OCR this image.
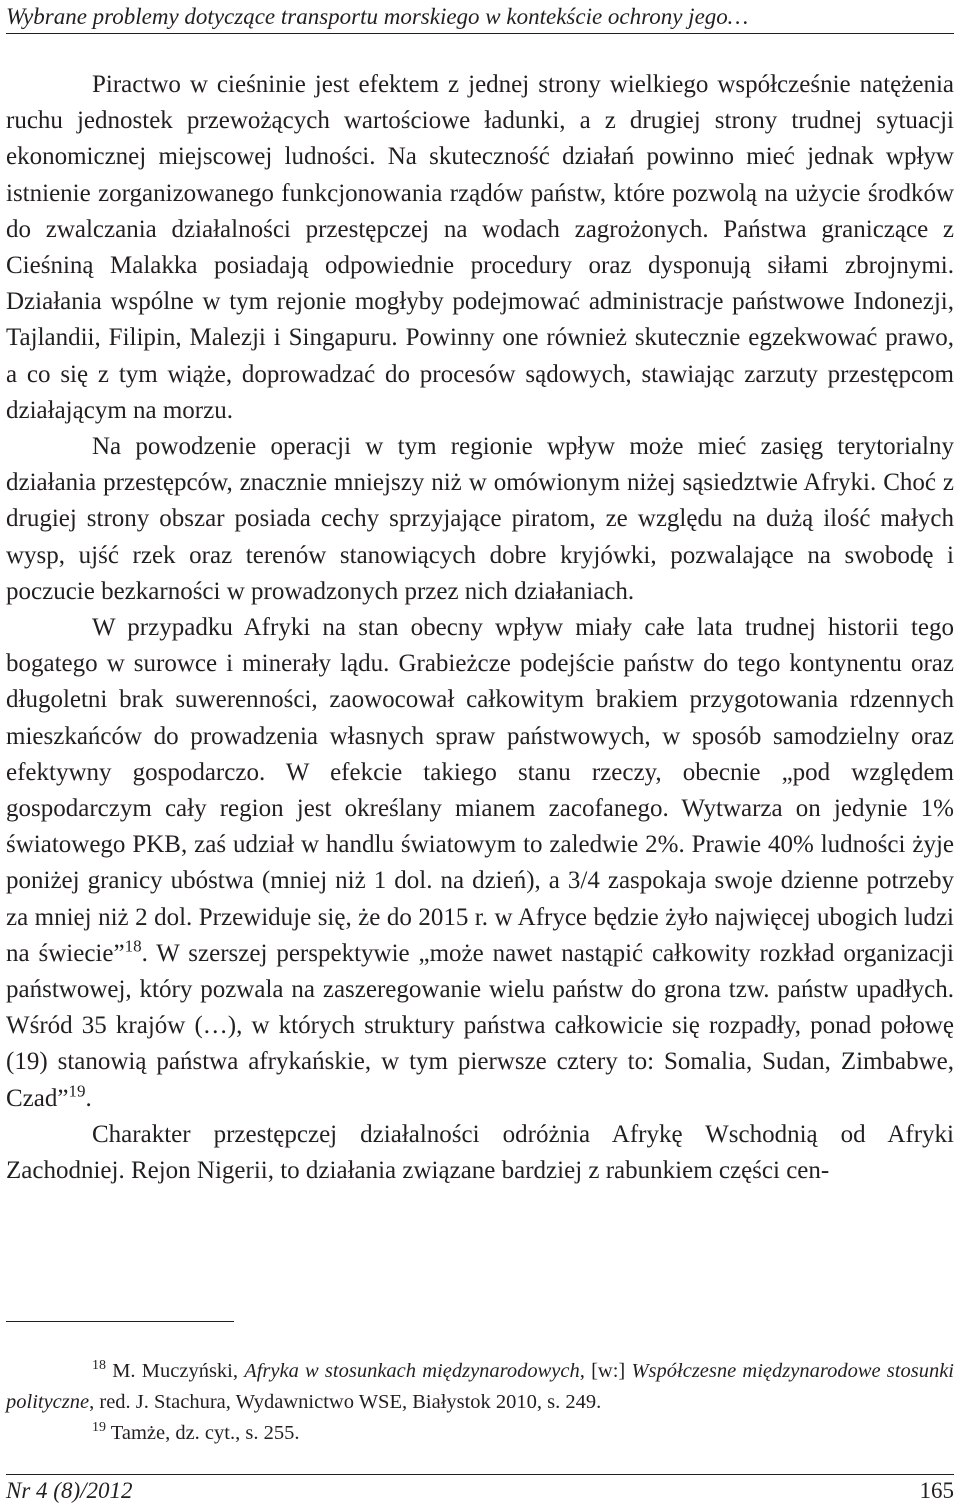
Wybrane problemy dotyczące transportu morskiego w kontekście ochrony jego…

Piractwo w cieśninie jest efektem z jednej strony wielkiego współcześnie natężenia ruchu jednostek przewożących wartościowe ładunki, a z drugiej strony trudnej sytuacji ekonomicznej miejscowej ludności. Na skuteczność działań powinno mieć jednak wpływ istnienie zorganizowanego funkcjonowania rządów państw, które pozwolą na użycie środków do zwalczania działalności przestępczej na wodach zagrożonych. Państwa graniczące z Cieśniną Malakka posiadają odpowiednie procedury oraz dysponują siłami zbrojnymi. Działania wspólne w tym rejonie mogłyby podejmować administracje państwowe Indonezji, Tajlandii, Filipin, Malezji i Singapuru. Powinny one również skutecznie egzekwować prawo, a co się z tym wiąże, doprowadzać do procesów sądowych, stawiając zarzuty przestępcom działającym na morzu.

Na powodzenie operacji w tym regionie wpływ może mieć zasięg terytorialny działania przestępców, znacznie mniejszy niż w omówionym niżej sąsiedztwie Afryki. Choć z drugiej strony obszar posiada cechy sprzyjające piratom, ze względu na dużą ilość małych wysp, ujść rzek oraz terenów stanowiących dobre kryjówki, pozwalające na swobodę i poczucie bezkarności w prowadzonych przez nich działaniach.

W przypadku Afryki na stan obecny wpływ miały całe lata trudnej historii tego bogatego w surowce i minerały lądu. Grabieżcze podejście państw do tego kontynentu oraz długoletni brak suwerenności, zaowocował całkowitym brakiem przygotowania rdzennych mieszkańców do prowadzenia własnych spraw państwowych, w sposób samodzielny oraz efektywny gospodarczo. W efekcie takiego stanu rzeczy, obecnie „pod względem gospodarczym cały region jest określany mianem zacofanego. Wytwarza on jedynie 1% światowego PKB, zaś udział w handlu światowym to zaledwie 2%. Prawie 40% ludności żyje poniżej granicy ubóstwa (mniej niż 1 dol. na dzień), a 3/4 zaspokaja swoje dzienne potrzeby za mniej niż 2 dol. Przewiduje się, że do 2015 r. w Afryce będzie żyło najwięcej ubogich ludzi na świecie”$^{18}$. W szerszej perspektywie „może nawet nastąpić całkowity rozkład organizacji państwowej, który pozwala na zaszeregowanie wielu państw do grona tzw. państw upadłych. Wśród 35 krajów (…), w których struktury państwa całkowicie się rozpadły, ponad połowę (19) stanowią państwa afrykańskie, w tym pierwsze cztery to: Somalia, Sudan, Zimbabwe, Czad”$^{19}$.

Charakter przestępczej działalności odróżnia Afrykę Wschodnią od Afryki Zachodniej. Rejon Nigerii, to działania związane bardziej z rabunkiem części cen-

$^{18}$ M. Muczyński, Afryka w stosunkach międzynarodowych, [w:] Współczesne międzynarodowe stosunki polityczne, red. J. Stachura, Wydawnictwo WSE, Białystok 2010, s. 249.

$^{19}$ Tamże, dz. cyt., s. 255.

Nr 4 (8)/2012	165
